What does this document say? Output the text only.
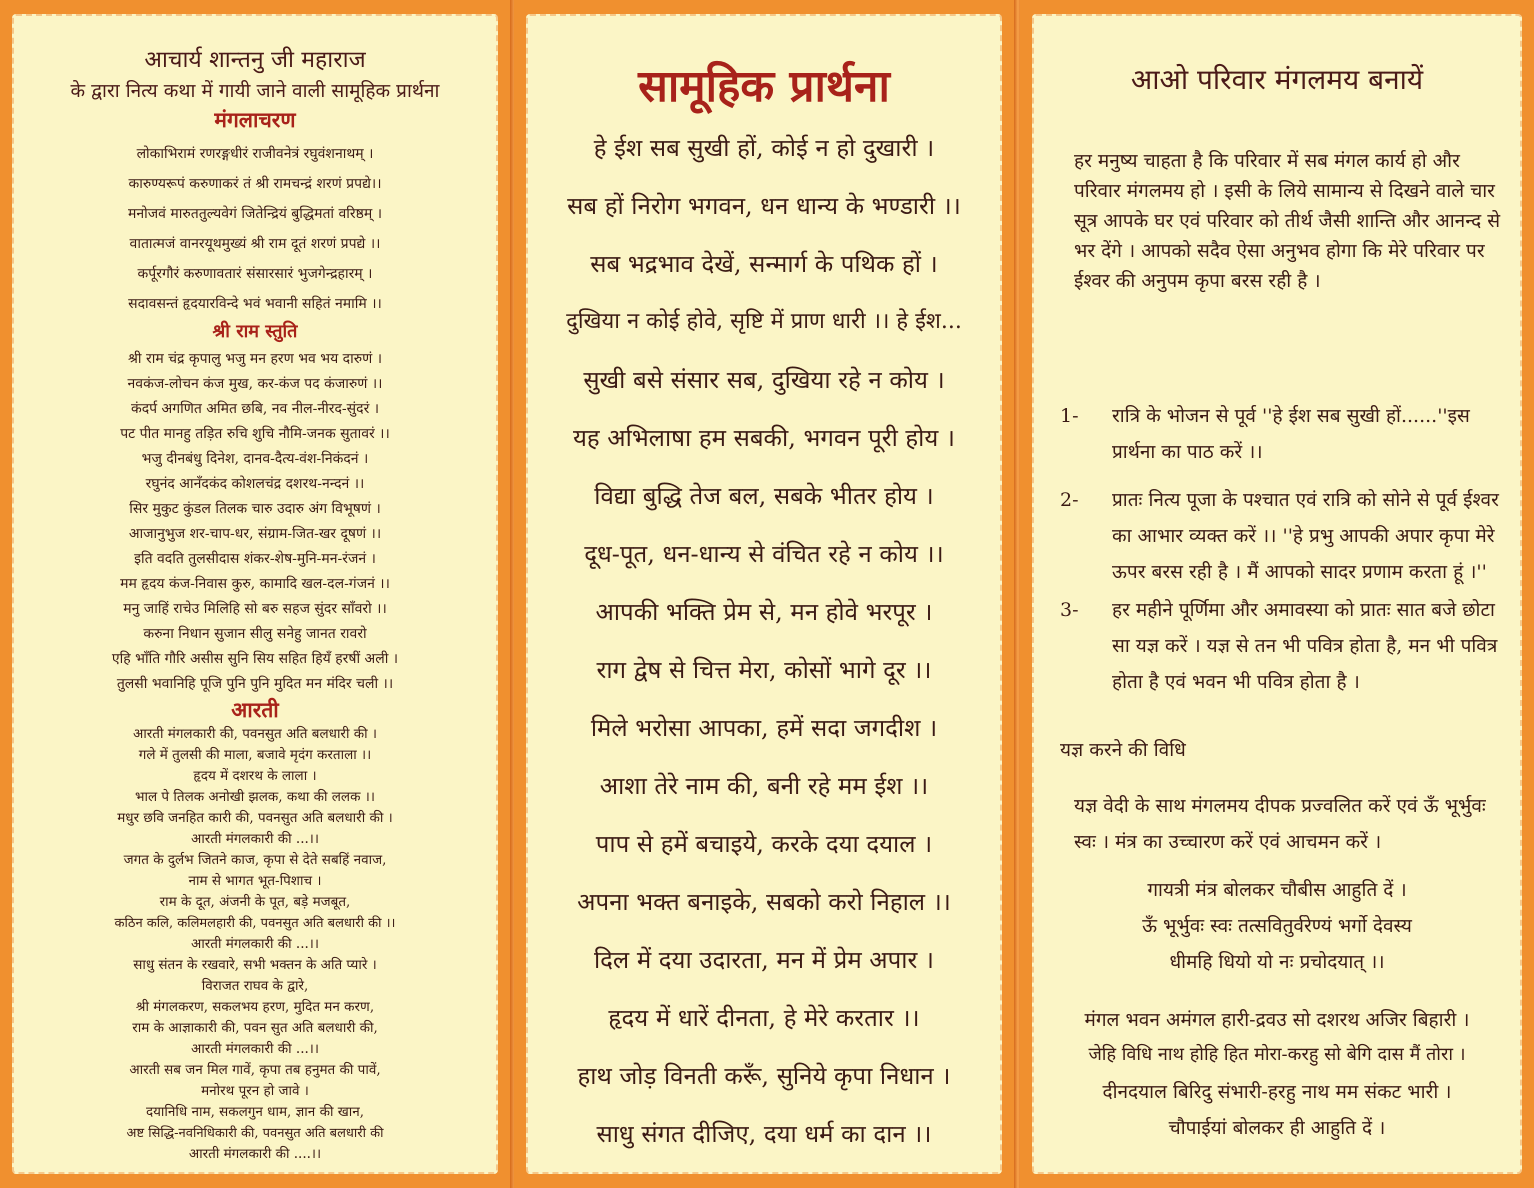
आचार्य शान्तनु जी महाराज
के द्वारा नित्य कथा में गायी जाने वाली सामूहिक प्रार्थना
मंगलाचरण
लोकाभिरामं रणरङ्गधीरं राजीवनेत्रं रघुवंशनाथम् ।
कारुण्यरूपं करुणाकरं तं श्री रामचन्द्रं शरणं प्रपद्ये।।
मनोजवं मारुततुल्यवेगं जितेन्द्रियं बुद्धिमतां वरिष्ठम् ।
वातात्मजं वानरयूथमुख्यं श्री राम दूतं शरणं प्रपद्ये ।।
कर्पूरगौरं करुणावतारं संसारसारं भुजगेन्द्रहारम् ।
सदावसन्तं हृदयारविन्दे भवं भवानी सहितं नमामि ।।
श्री राम स्तुति
श्री राम चंद्र कृपालु भजु मन हरण भव भय दारुणं ।
नवकंज-लोचन कंज मुख, कर-कंज पद कंजारुणं ।।
कंदर्प अगणित अमित छबि, नव नील-नीरद-सुंदरं ।
पट पीत मानहु तड़ित रुचि शुचि नौमि-जनक सुतावरं ।।
भजु दीनबंधु दिनेश, दानव-दैत्य-वंश-निकंदनं ।
रघुनंद आनँदकंद कोशलचंद्र दशरथ-नन्दनं ।।
सिर मुकुट कुंडल तिलक चारु उदारु अंग विभूषणं ।
आजानुभुज शर-चाप-धर, संग्राम-जित-खर दूषणं ।।
इति वदति तुलसीदास शंकर-शेष-मुनि-मन-रंजनं ।
मम हृदय कंज-निवास कुरु, कामादि खल-दल-गंजनं ।।
मनु जाहिं राचेउ मिलिहि सो बरु सहज सुंदर साँवरो ।।
करुना निधान सुजान सीलु सनेहु जानत रावरो
एहि भाँति गौरि असीस सुनि सिय सहित हियँ हरषीं अली ।
तुलसी भवानिहि पूजि पुनि पुनि मुदित मन मंदिर चली ।।
आरती
आरती मंगलकारी की, पवनसुत अति बलधारी की ।
गले में तुलसी की माला, बजावे मृदंग करताला ।।
हृदय में दशरथ के लाला ।
भाल पे तिलक अनोखी झलक, कथा की ललक ।।
मधुर छवि जनहित कारी की, पवनसुत अति बलधारी की ।
आरती मंगलकारी की ...।।
जगत के दुर्लभ जितने काज, कृपा से देते सबहिं नवाज,
नाम से भागत भूत-पिशाच ।
राम के दूत, अंजनी के पूत, बड़े मजबूत,
कठिन कलि, कलिमलहारी की, पवनसुत अति बलधारी की ।।
आरती मंगलकारी की ...।।
साधु संतन के रखवारे, सभी भक्तन के अति प्यारे ।
विराजत राघव के द्वारे,
श्री मंगलकरण, सकलभय हरण, मुदित मन करण,
राम के आज्ञाकारी की, पवन सुत अति बलधारी की,
आरती मंगलकारी की ...।।
आरती सब जन मिल गावें, कृपा तब हनुमत की पावें,
मनोरथ पूरन हो जावे ।
दयानिधि नाम, सकलगुन धाम, ज्ञान की खान,
अष्ट सिद्धि-नवनिधिकारी की, पवनसुत अति बलधारी की
आरती मंगलकारी की ....।।
सामूहिक प्रार्थना
हे ईश सब सुखी हों, कोई न हो दुखारी ।
सब हों निरोग भगवन, धन धान्य के भण्डारी ।।
सब भद्रभाव देखें, सन्मार्ग के पथिक हों ।
दुखिया न कोई होवे, सृष्टि में प्राण धारी ।। हे ईश...
सुखी बसे संसार सब, दुखिया रहे न कोय ।
यह अभिलाषा हम सबकी, भगवन पूरी होय ।
विद्या बुद्धि तेज बल, सबके भीतर होय ।
दूध-पूत, धन-धान्य से वंचित रहे न कोय ।।
आपकी भक्ति प्रेम से, मन होवे भरपूर ।
राग द्वेष से चित्त मेरा, कोसों भागे दूर ।।
मिले भरोसा आपका, हमें सदा जगदीश ।
आशा तेरे नाम की, बनी रहे मम ईश ।।
पाप से हमें बचाइये, करके दया दयाल ।
अपना भक्त बनाइके, सबको करो निहाल ।।
दिल में दया उदारता, मन में प्रेम अपार ।
हृदय में धारें दीनता, हे मेरे करतार ।।
हाथ जोड़ विनती करूँ, सुनिये कृपा निधान ।
साधु संगत दीजिए, दया धर्म का दान ।।
आओ परिवार मंगलमय बनायें
हर मनुष्य चाहता है कि परिवार में सब मंगल कार्य हो और परिवार मंगलमय हो । इसी के लिये सामान्य से दिखने वाले चार सूत्र आपके घर एवं परिवार को तीर्थ जैसी शान्ति और आनन्द से भर देंगे । आपको सदैव ऐसा अनुभव होगा कि मेरे परिवार पर ईश्वर की अनुपम कृपा बरस रही है ।
1-	रात्रि के भोजन से पूर्व ''हे ईश सब सुखी हों......''इस प्रार्थना का पाठ करें ।।
2-	प्रातः नित्य पूजा के पश्चात एवं रात्रि को सोने से पूर्व ईश्वर का आभार व्यक्त करें ।। ''हे प्रभु आपकी अपार कृपा मेरे ऊपर बरस रही है । मैं आपको सादर प्रणाम करता हूं ।''
3-	हर महीने पूर्णिमा और अमावस्या को प्रातः सात बजे छोटा सा यज्ञ करें । यज्ञ से तन भी पवित्र होता है, मन भी पवित्र होता है एवं भवन भी पवित्र होता है ।
यज्ञ करने की विधि
यज्ञ वेदी के साथ मंगलमय दीपक प्रज्वलित करें एवं ऊँ भूर्भुवः स्वः । मंत्र का उच्चारण करें एवं आचमन करें ।
गायत्री मंत्र बोलकर चौबीस आहुति दें ।
ऊँ भूर्भुवः स्वः तत्सवितुर्वरेण्यं भर्गो देवस्य
धीमहि धियो यो नः प्रचोदयात् ।।
मंगल भवन अमंगल हारी-द्रवउ सो दशरथ अजिर बिहारी ।
जेहि विधि नाथ होहि हित मोरा-करहु सो बेगि दास मैं तोरा ।
दीनदयाल बिरिदु संभारी-हरहु नाथ मम संकट भारी ।
चौपाईयां बोलकर ही आहुति दें ।
